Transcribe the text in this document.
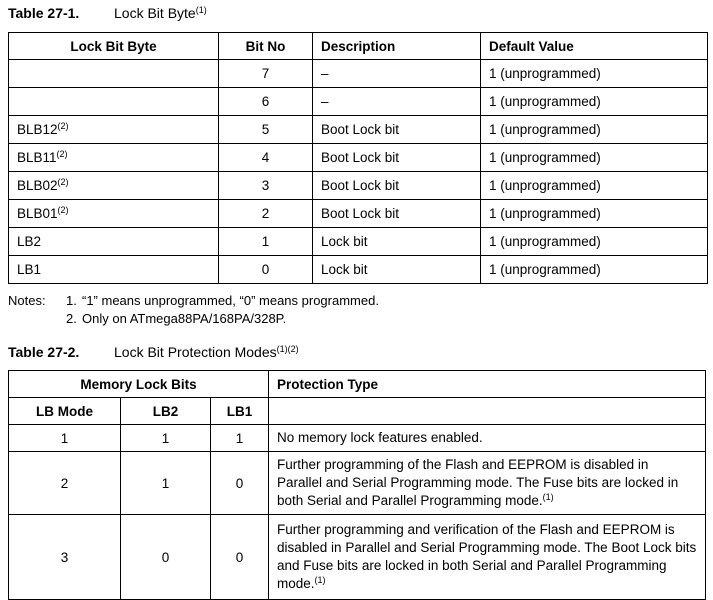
Table 27-1. Lock Bit Byte$^{(1)}$
Lock Bit Byte	Bit No	Description	Default Value
	7	–	1 (unprogrammed)
	6	–	1 (unprogrammed)
BLB12$^{(2)}$	5	Boot Lock bit	1 (unprogrammed)
BLB11$^{(2)}$	4	Boot Lock bit	1 (unprogrammed)
BLB02$^{(2)}$	3	Boot Lock bit	1 (unprogrammed)
BLB01$^{(2)}$	2	Boot Lock bit	1 (unprogrammed)
LB2	1	Lock bit	1 (unprogrammed)
LB1	0	Lock bit	1 (unprogrammed)
Notes:	1. “1” means unprogrammed, “0” means programmed.
2. Only on ATmega88PA/168PA/328P.
Table 27-2. Lock Bit Protection Modes$^{(1)(2)}$
Memory Lock Bits			Protection Type
LB Mode	LB2	LB1	
1	1	1	No memory lock features enabled.
2	1	0	Further programming of the Flash and EEPROM is disabled in Parallel and Serial Programming mode. The Fuse bits are locked in both Serial and Parallel Programming mode.$^{(1)}$
3	0	0	Further programming and verification of the Flash and EEPROM is disabled in Parallel and Serial Programming mode. The Boot Lock bits and Fuse bits are locked in both Serial and Parallel Programming mode.$^{(1)}$
